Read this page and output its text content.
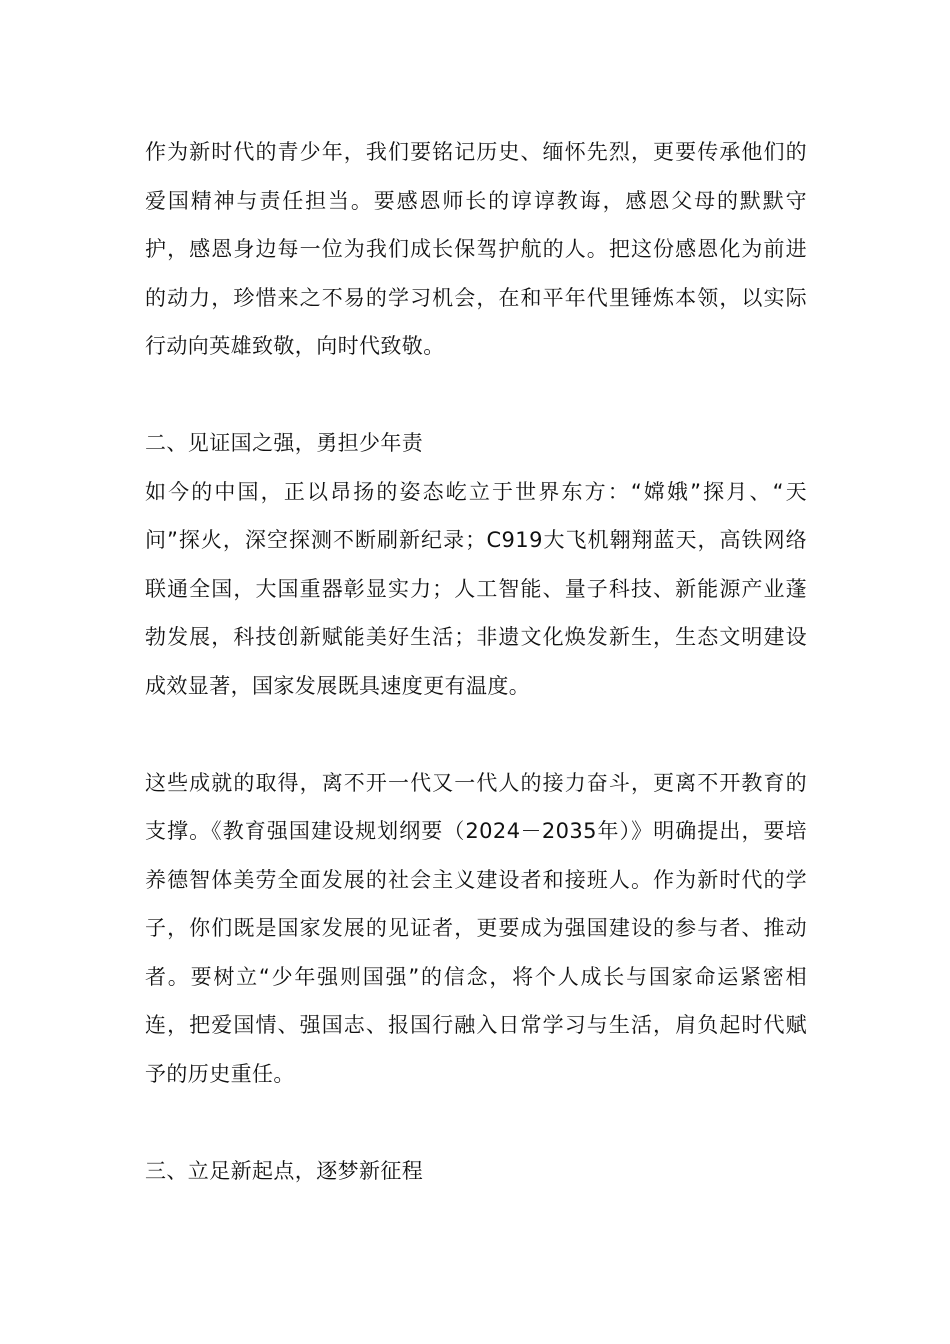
作为新时代的青少年，我们要铭记历史、缅怀先烈，更要传承他们的爱国精神与责任担当。要感恩师长的谆谆教诲，感恩父母的默默守护，感恩身边每一位为我们成长保驾护航的人。把这份感恩化为前进的动力，珍惜来之不易的学习机会，在和平年代里锤炼本领，以实际行动向英雄致敬，向时代致敬。

二、见证国之强，勇担少年责

如今的中国，正以昂扬的姿态屹立于世界东方：“嫦娥”探月、“天问”探火，深空探测不断刷新纪录；C919大飞机翱翔蓝天，高铁网络联通全国，大国重器彰显实力；人工智能、量子科技、新能源产业蓬勃发展，科技创新赋能美好生活；非遗文化焕发新生，生态文明建设成效显著，国家发展既具速度更有温度。

这些成就的取得，离不开一代又一代人的接力奋斗，更离不开教育的支撑。《教育强国建设规划纲要（2024－2035年）》明确提出，要培养德智体美劳全面发展的社会主义建设者和接班人。作为新时代的学子，你们既是国家发展的见证者，更要成为强国建设的参与者、推动者。要树立“少年强则国强”的信念，将个人成长与国家命运紧密相连，把爱国情、强国志、报国行融入日常学习与生活，肩负起时代赋予的历史重任。

三、立足新起点，逐梦新征程
